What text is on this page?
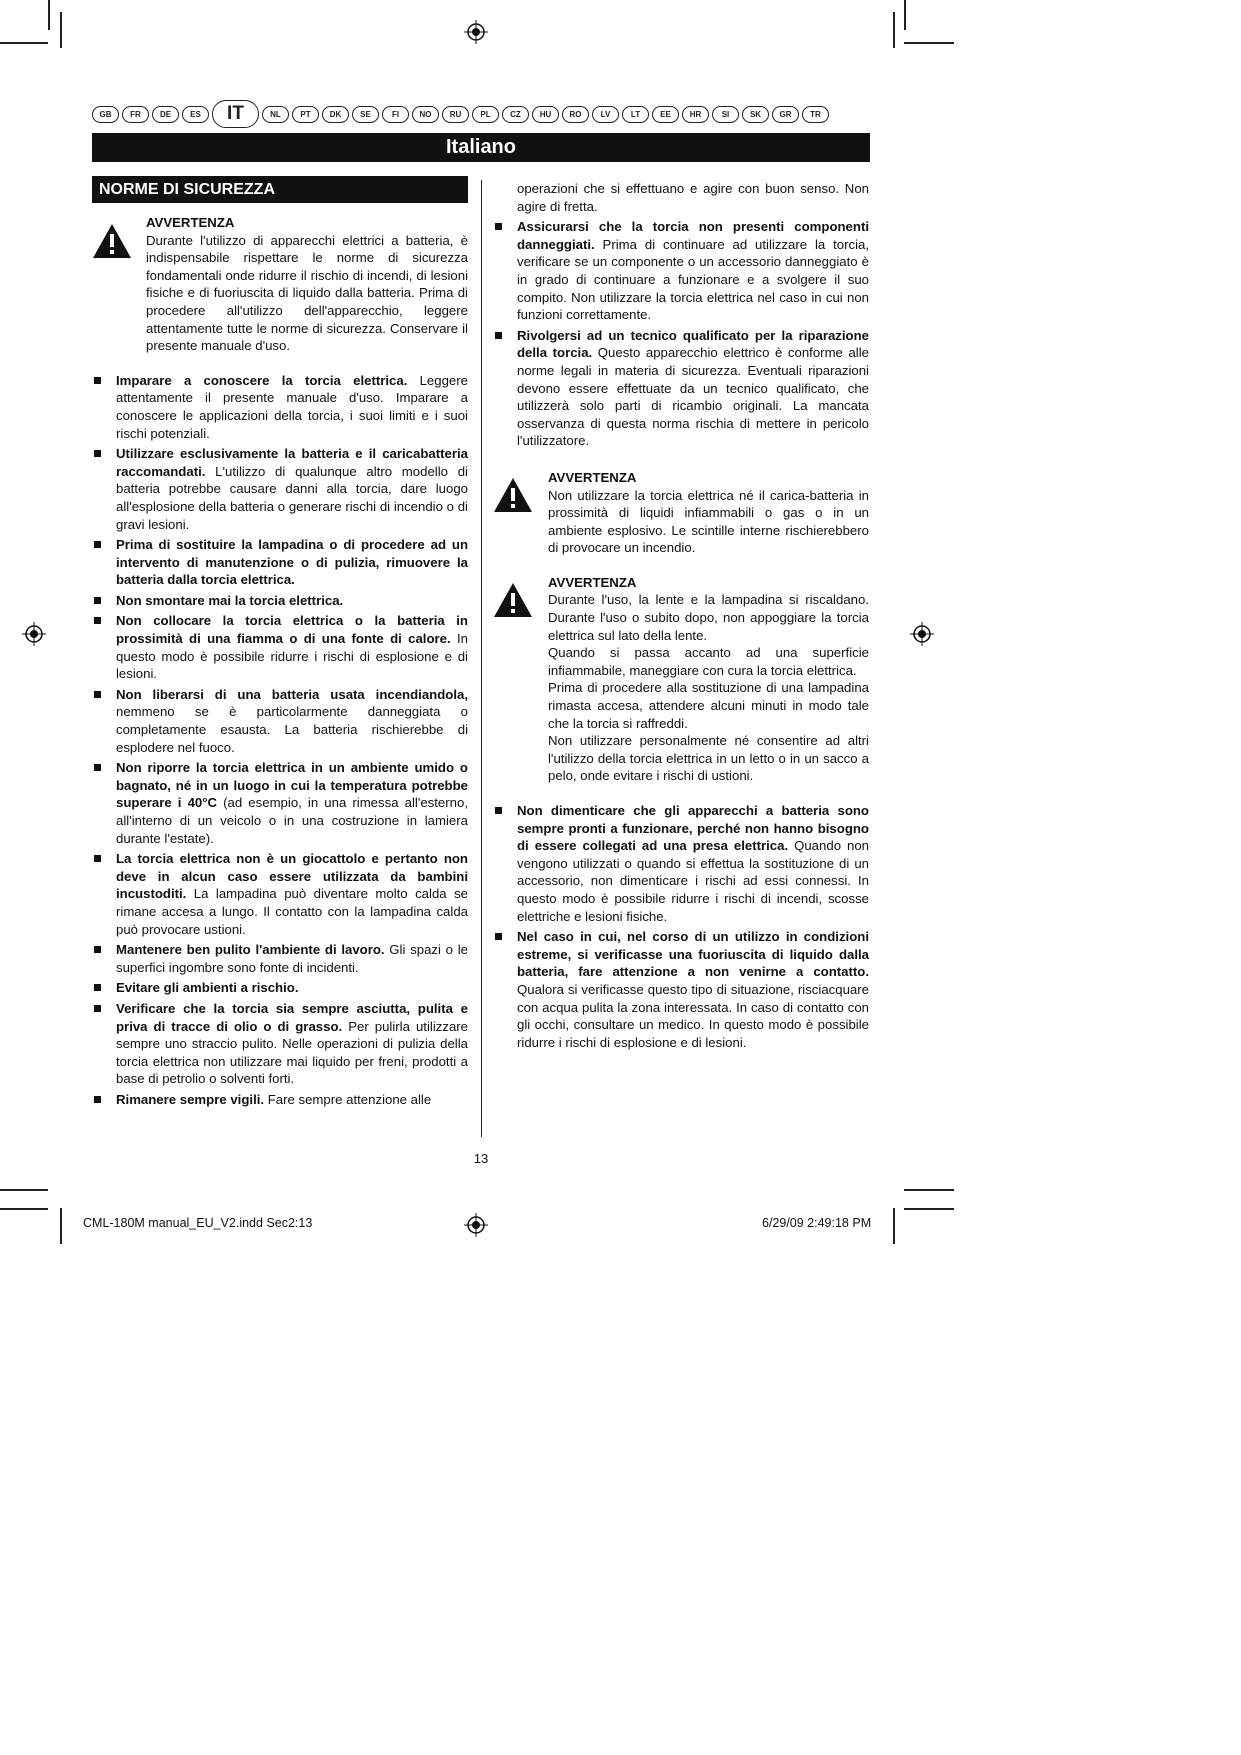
GB	FR	DE	ES	IT	NL	PT	DK	SE	FI	NO	RU	PL	CZ	HU	RO	LV	LT	EE	HR	SI	SK	GR	TR
Italiano
NORME DI SICUREZZA
AVVERTENZA

Durante l'utilizzo di apparecchi elettrici a batteria, è indispensabile rispettare le norme di sicurezza fondamentali onde ridurre il rischio di incendi, di lesioni fisiche e di fuoriuscita di liquido dalla batteria. Prima di procedere all'utilizzo dell'apparecchio, leggere attentamente tutte le norme di sicurezza. Conservare il presente manuale d'uso.

Imparare a conoscere la torcia elettrica. Leggere attentamente il presente manuale d'uso. Imparare a conoscere le applicazioni della torcia, i suoi limiti e i suoi rischi potenziali.
Utilizzare esclusivamente la batteria e il caricabatteria raccomandati. L'utilizzo di qualunque altro modello di batteria potrebbe causare danni alla torcia, dare luogo all'esplosione della batteria o generare rischi di incendio o di gravi lesioni.
Prima di sostituire la lampadina o di procedere ad un intervento di manutenzione o di pulizia, rimuovere la batteria dalla torcia elettrica.
Non smontare mai la torcia elettrica.
Non collocare la torcia elettrica o la batteria in prossimità di una fiamma o di una fonte di calore. In questo modo è possibile ridurre i rischi di esplosione e di lesioni.
Non liberarsi di una batteria usata incendiandola, nemmeno se è particolarmente danneggiata o completamente esausta. La batteria rischierebbe di esplodere nel fuoco.
Non riporre la torcia elettrica in un ambiente umido o bagnato, né in un luogo in cui la temperatura potrebbe superare i 40°C (ad esempio, in una rimessa all'esterno, all'interno di un veicolo o in una costruzione in lamiera durante l'estate).
La torcia elettrica non è un giocattolo e pertanto non deve in alcun caso essere utilizzata da bambini incustoditi. La lampadina può diventare molto calda se rimane accesa a lungo. Il contatto con la lampadina calda può provocare ustioni.
Mantenere ben pulito l'ambiente di lavoro. Gli spazi o le superfici ingombre sono fonte di incidenti.
Evitare gli ambienti a rischio.
Verificare che la torcia sia sempre asciutta, pulita e priva di tracce di olio o di grasso. Per pulirla utilizzare sempre uno straccio pulito. Nelle operazioni di pulizia della torcia elettrica non utilizzare mai liquido per freni, prodotti a base di petrolio o solventi forti.
Rimanere sempre vigili. Fare sempre attenzione alle

operazioni che si effettuano e agire con buon senso. Non agire di fretta.

Assicurarsi che la torcia non presenti componenti danneggiati. Prima di continuare ad utilizzare la torcia, verificare se un componente o un accessorio danneggiato è in grado di continuare a funzionare e a svolgere il suo compito. Non utilizzare la torcia elettrica nel caso in cui non funzioni correttamente.
Rivolgersi ad un tecnico qualificato per la riparazione della torcia. Questo apparecchio elettrico è conforme alle norme legali in materia di sicurezza. Eventuali riparazioni devono essere effettuate da un tecnico qualificato, che utilizzerà solo parti di ricambio originali. La mancata osservanza di questa norma rischia di mettere in pericolo l'utilizzatore.
AVVERTENZA

Non utilizzare la torcia elettrica né il carica-batteria in prossimità di liquidi infiammabili o gas o in un ambiente esplosivo. Le scintille interne rischierebbero di provocare un incendio.

AVVERTENZA

Durante l'uso, la lente e la lampadina si riscaldano. Durante l'uso o subito dopo, non appoggiare la torcia elettrica sul lato della lente.

Quando si passa accanto ad una superficie infiammabile, maneggiare con cura la torcia elettrica.

Prima di procedere alla sostituzione di una lampadina rimasta accesa, attendere alcuni minuti in modo tale che la torcia si raffreddi.

Non utilizzare personalmente né consentire ad altri l'utilizzo della torcia elettrica in un letto o in un sacco a pelo, onde evitare i rischi di ustioni.

Non dimenticare che gli apparecchi a batteria sono sempre pronti a funzionare, perché non hanno bisogno di essere collegati ad una presa elettrica. Quando non vengono utilizzati o quando si effettua la sostituzione di un accessorio, non dimenticare i rischi ad essi connessi. In questo modo è possibile ridurre i rischi di incendi, scosse elettriche e lesioni fisiche.
Nel caso in cui, nel corso di un utilizzo in condizioni estreme, si verificasse una fuoriuscita di liquido dalla batteria, fare attenzione a non venirne a contatto. Qualora si verificasse questo tipo di situazione, risciacquare con acqua pulita la zona interessata. In caso di contatto con gli occhi, consultare un medico. In questo modo è possibile ridurre i rischi di esplosione e di lesioni.
13
CML-180M manual_EU_V2.indd Sec2:13	6/29/09 2:49:18 PM
